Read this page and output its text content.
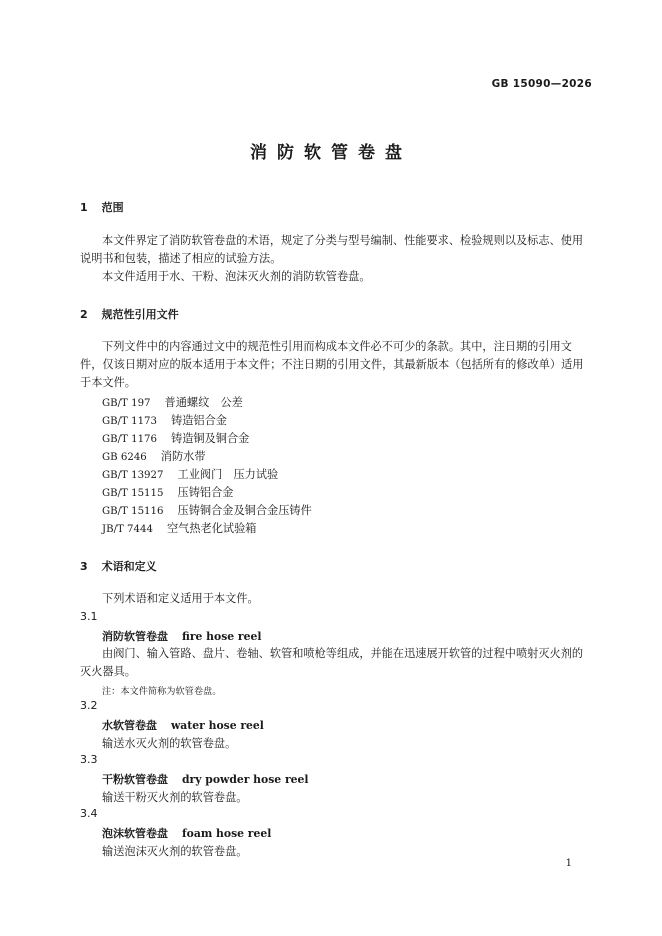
GB 15090—2026
消防软管卷盘
1 范围
本文件界定了消防软管卷盘的术语，规定了分类与型号编制、性能要求、检验规则以及标志、使用说明书和包装，描述了相应的试验方法。
本文件适用于水、干粉、泡沫灭火剂的消防软管卷盘。
2 规范性引用文件
下列文件中的内容通过文中的规范性引用而构成本文件必不可少的条款。其中，注日期的引用文件，仅该日期对应的版本适用于本文件；不注日期的引用文件，其最新版本（包括所有的修改单）适用于本文件。
GB/T 197 普通螺纹　公差
GB/T 1173 铸造铝合金
GB/T 1176 铸造铜及铜合金
GB 6246 消防水带
GB/T 13927 工业阀门　压力试验
GB/T 15115 压铸铝合金
GB/T 15116 压铸铜合金及铜合金压铸件
JB/T 7444 空气热老化试验箱
3 术语和定义
下列术语和定义适用于本文件。
3.1
消防软管卷盘 fire hose reel
由阀门、输入管路、盘片、卷轴、软管和喷枪等组成，并能在迅速展开软管的过程中喷射灭火剂的灭火器具。
注：本文件简称为软管卷盘。
3.2
水软管卷盘 water hose reel
输送水灭火剂的软管卷盘。
3.3
干粉软管卷盘 dry powder hose reel
输送干粉灭火剂的软管卷盘。
3.4
泡沫软管卷盘 foam hose reel
输送泡沫灭火剂的软管卷盘。
1
